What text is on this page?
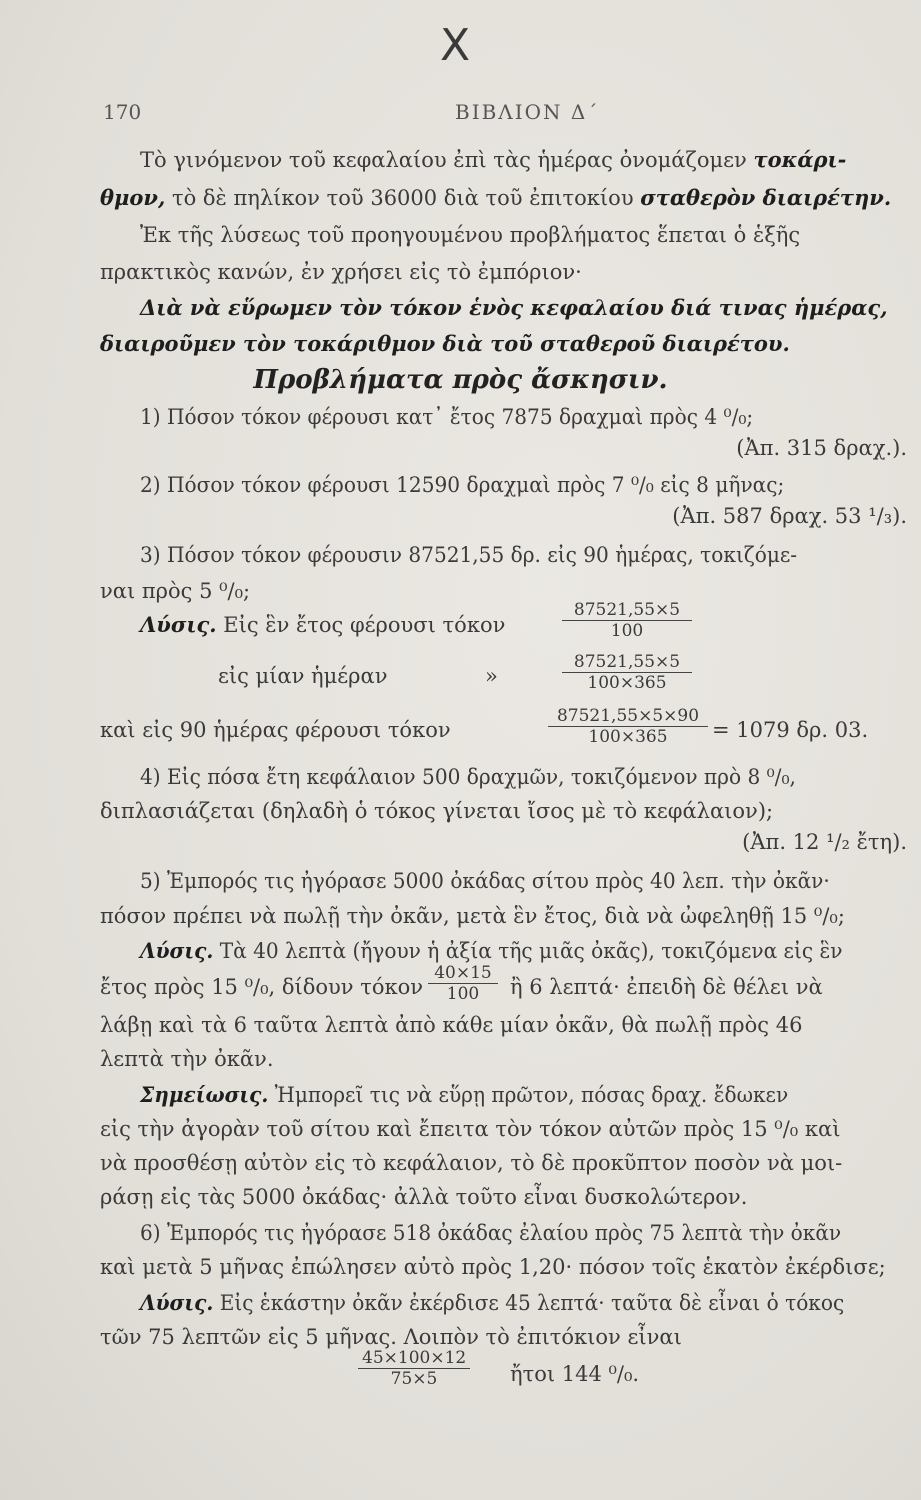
X
170	ΒΙΒΛΙΟΝ Δ΄
Τὸ γινόμενον τοῦ κεφαλαίου ἐπὶ τὰς ἡμέρας ὀνομάζομεν τοκάρι-
θμον, τὸ δὲ πηλίκον τοῦ 36000 διὰ τοῦ ἐπιτοκίου σταθερὸν διαιρέτην.
Ἐκ τῆς λύσεως τοῦ προηγουμένου προβλήματος ἕπεται ὁ ἑξῆς
πρακτικὸς κανών, ἐν χρήσει εἰς τὸ ἐμπόριον·
Διὰ νὰ εὕρωμεν τὸν τόκον ἑνὸς κεφαλαίου διά τινας ἡμέρας,
διαιροῦμεν τὸν τοκάριθμον διὰ τοῦ σταθεροῦ διαιρέτου.
Προβλήματα πρὸς ἄσκησιν.
1) Πόσον τόκον φέρουσι κατ᾽ ἔτος 7875 δραχμαὶ πρὸς 4 ⁰/₀;
(Ἀπ. 315 δραχ.).
2) Πόσον τόκον φέρουσι 12590 δραχμαὶ πρὸς 7 ⁰/₀ εἰς 8 μῆνας;
(Ἀπ. 587 δραχ. 53 ¹/₃).
3) Πόσον τόκον φέρουσιν 87521,55 δρ. εἰς 90 ἡμέρας, τοκιζόμε-
ναι πρὸς 5 ⁰/₀;
Λύσις. Εἰς ἓν ἔτος φέρουσι τόκον	$\frac{87521,55\times 5}{100}$
εἰς μίαν ἡμέραν	»	$\frac{87521,55\times 5}{100\times 365}$
καὶ εἰς 90 ἡμέρας φέρουσι τόκον	$\frac{87521,55\times 5\times 90}{100\times 365} = 1079$ δρ. 03.
4) Εἰς πόσα ἔτη κεφάλαιον 500 δραχμῶν, τοκιζόμενον πρὸ 8 ⁰/₀,
διπλασιάζεται (δηλαδὴ ὁ τόκος γίνεται ἴσος μὲ τὸ κεφάλαιον);
(Ἀπ. 12 ¹/₂ ἔτη).
5) Ἐμπορός τις ἠγόρασε 5000 ὀκάδας σίτου πρὸς 40 λεπ. τὴν ὀκᾶν·
πόσον πρέπει νὰ πωλῇ τὴν ὀκᾶν, μετὰ ἓν ἔτος, διὰ νὰ ὠφεληθῇ 15 ⁰/₀;
Λύσις. Τὰ 40 λεπτὰ (ἤγουν ἡ ἀξία τῆς μιᾶς ὀκᾶς), τοκιζόμενα εἰς ἓν
ἔτος πρὸς 15 ⁰/₀, δίδουν τόκον $\frac{40\times 15}{100}$ ἢ 6 λεπτά· ἐπειδὴ δὲ θέλει νὰ
λάβῃ καὶ τὰ 6 ταῦτα λεπτὰ ἀπὸ κάθε μίαν ὀκᾶν, θὰ πωλῇ πρὸς 46
λεπτὰ τὴν ὀκᾶν.
Σημείωσις. Ἠμπορεῖ τις νὰ εὕρῃ πρῶτον, πόσας δραχ. ἔδωκεν
εἰς τὴν ἀγορὰν τοῦ σίτου καὶ ἔπειτα τὸν τόκον αὐτῶν πρὸς 15 ⁰/₀ καὶ
νὰ προσθέσῃ αὐτὸν εἰς τὸ κεφάλαιον, τὸ δὲ προκῦπτον ποσὸν νὰ μοι-
ράσῃ εἰς τὰς 5000 ὀκάδας· ἀλλὰ τοῦτο εἶναι δυσκολώτερον.
6) Ἐμπορός τις ἠγόρασε 518 ὀκάδας ἐλαίου πρὸς 75 λεπτὰ τὴν ὀκᾶν
καὶ μετὰ 5 μῆνας ἐπώλησεν αὐτὸ πρὸς 1,20· πόσον τοῖς ἑκατὸν ἐκέρδισε;
Λύσις. Εἰς ἑκάστην ὀκᾶν ἐκέρδισε 45 λεπτά· ταῦτα δὲ εἶναι ὁ τόκος
τῶν 75 λεπτῶν εἰς 5 μῆνας. Λοιπὸν τὸ ἐπιτόκιον εἶναι
$\frac{45\times 100\times 12}{75\times 5}$ ἤτοι 144 ⁰/₀.
